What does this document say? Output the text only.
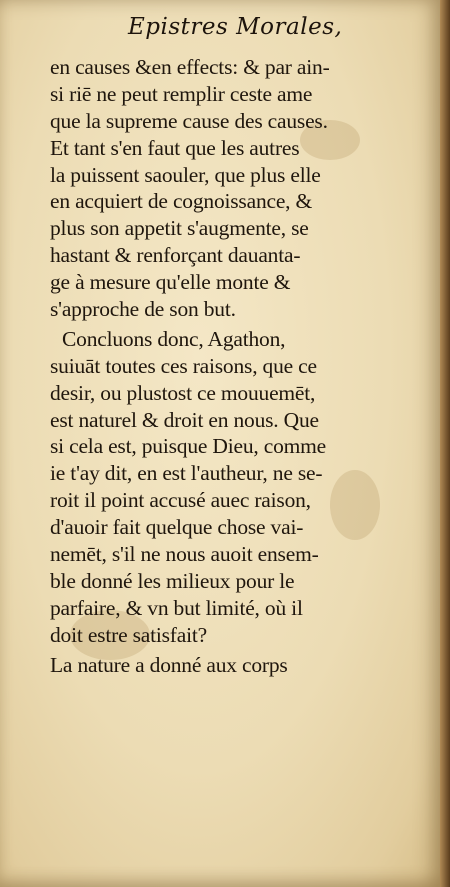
Epistres Morales,
en causes &en effects: & par ain-
si riē ne peut remplir ceste ame
que la supreme cause des causes.
Et tant s'en faut que les autres
la puissent saouler, que plus elle
en acquiert de cognoissance, &
plus son appetit s'augmente, se
hastant & renforçant dauanta-
ge à mesure qu'elle monte &
s'approche de son but.
Concluons donc, Agathon,
suiuāt toutes ces raisons, que ce
desir, ou plustost ce mouuemēt,
est naturel & droit en nous. Que
si cela est, puisque Dieu, comme
ie t'ay dit, en est l'autheur, ne se-
roit il point accusé auec raison,
d'auoir fait quelque chose vai-
nemēt, s'il ne nous auoit ensem-
ble donné les milieux pour le
parfaire, & vn but limité, où il
doit estre satisfait?
La nature a donné aux corps
